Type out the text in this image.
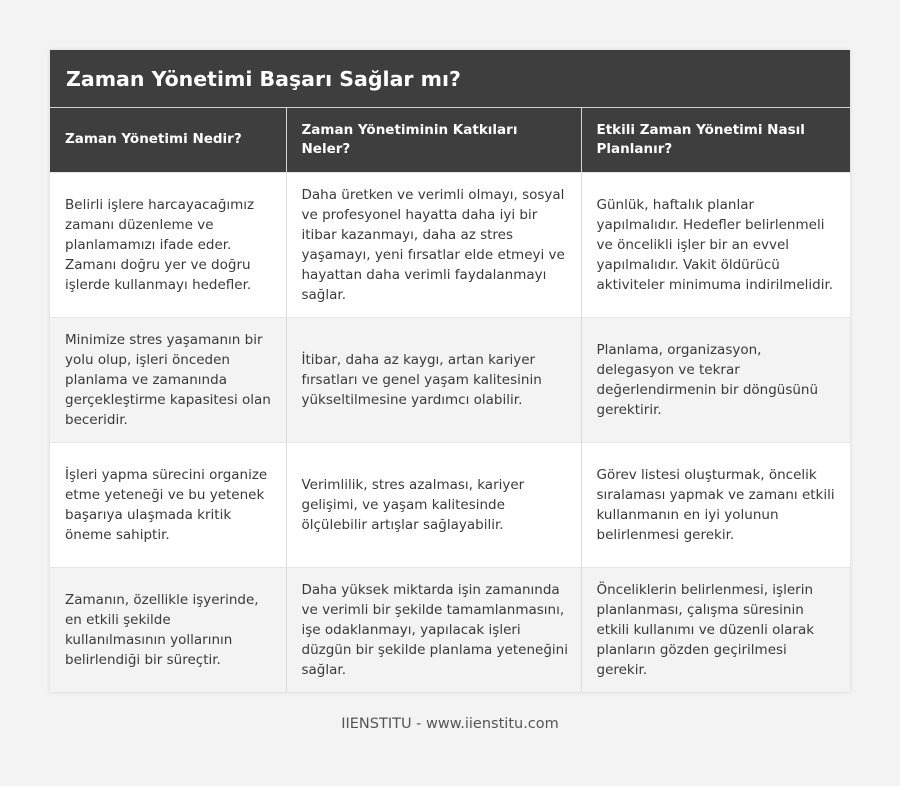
Zaman Yönetimi Başarı Sağlar mı?
Zaman Yönetimi Nedir?	Zaman Yönetiminin Katkıları Neler?	Etkili Zaman Yönetimi Nasıl Planlanır?
Belirli işlere harcayacağımız zamanı düzenleme ve planlamamızı ifade eder. Zamanı doğru yer ve doğru işlerde kullanmayı hedefler.	Daha üretken ve verimli olmayı, sosyal ve profesyonel hayatta daha iyi bir itibar kazanmayı, daha az stres yaşamayı, yeni fırsatlar elde etmeyi ve hayattan daha verimli faydalanmayı sağlar.	Günlük, haftalık planlar yapılmalıdır. Hedefler belirlenmeli ve öncelikli işler bir an evvel yapılmalıdır. Vakit öldürücü aktiviteler minimuma indirilmelidir.
Minimize stres yaşamanın bir yolu olup, işleri önceden planlama ve zamanında gerçekleştirme kapasitesi olan beceridir.	İtibar, daha az kaygı, artan kariyer fırsatları ve genel yaşam kalitesinin yükseltilmesine yardımcı olabilir.	Planlama, organizasyon, delegasyon ve tekrar değerlendirmenin bir döngüsünü gerektirir.
İşleri yapma sürecini organize etme yeteneği ve bu yetenek başarıya ulaşmada kritik öneme sahiptir.	Verimlilik, stres azalması, kariyer gelişimi, ve yaşam kalitesinde ölçülebilir artışlar sağlayabilir.	Görev listesi oluşturmak, öncelik sıralaması yapmak ve zamanı etkili kullanmanın en iyi yolunun belirlenmesi gerekir.
Zamanın, özellikle işyerinde, en etkili şekilde kullanılmasının yollarının belirlendiği bir süreçtir.	Daha yüksek miktarda işin zamanında ve verimli bir şekilde tamamlanmasını, işe odaklanmayı, yapılacak işleri düzgün bir şekilde planlama yeteneğini sağlar.	Önceliklerin belirlenmesi, işlerin planlanması, çalışma süresinin etkili kullanımı ve düzenli olarak planların gözden geçirilmesi gerekir.
IIENSTITU - www.iienstitu.com
